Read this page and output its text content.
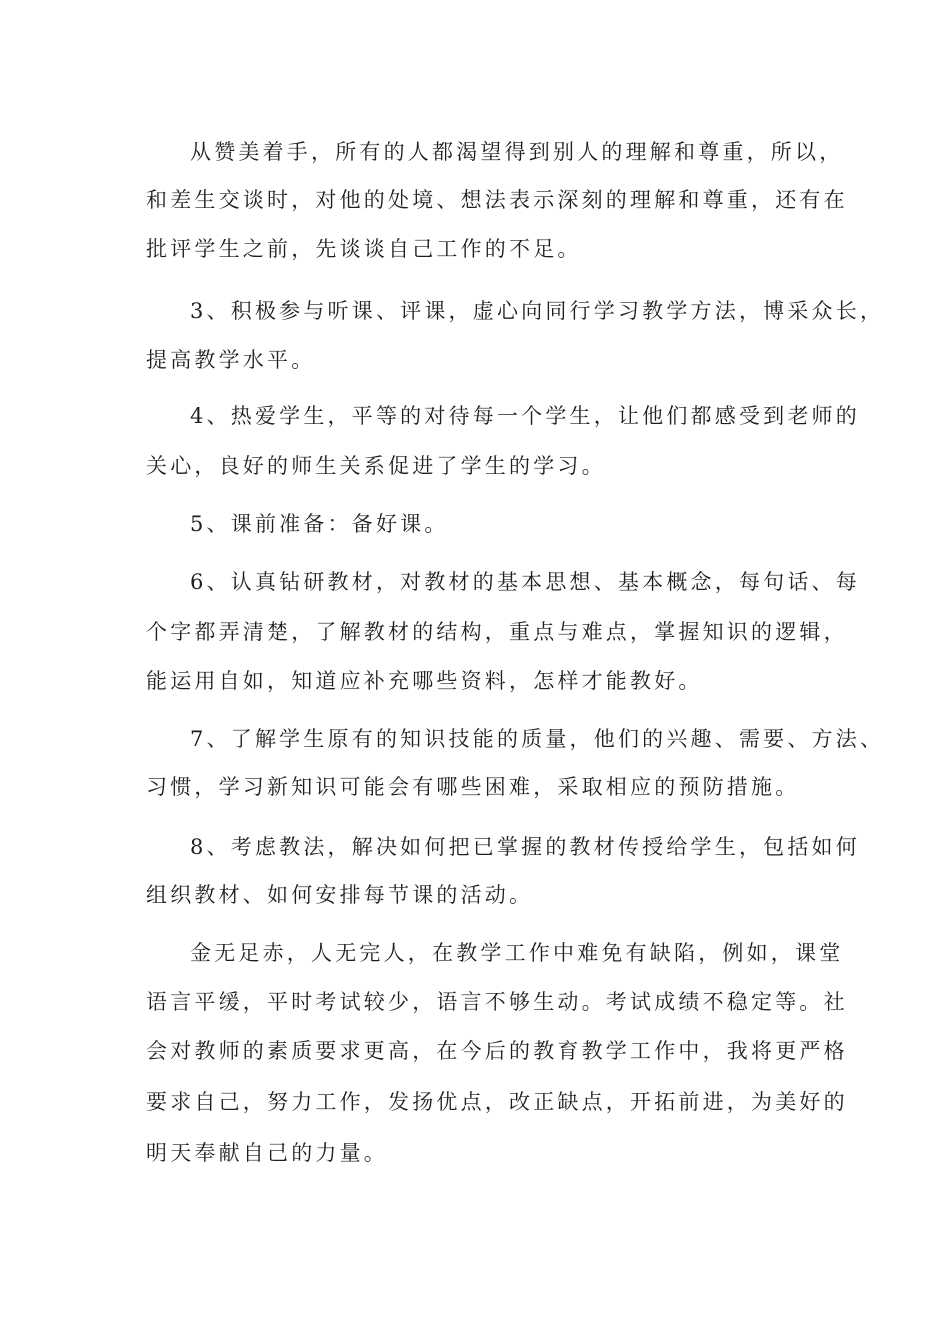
从赞美着手，所有的人都渴望得到别人的理解和尊重，所以，
和差生交谈时，对他的处境、想法表示深刻的理解和尊重，还有在
批评学生之前，先谈谈自己工作的不足。
3、积极参与听课、评课，虚心向同行学习教学方法，博采众长，
提高教学水平。
4、热爱学生，平等的对待每一个学生，让他们都感受到老师的
关心，良好的师生关系促进了学生的学习。
5、课前准备：备好课。
6、认真钻研教材，对教材的基本思想、基本概念，每句话、每
个字都弄清楚，了解教材的结构，重点与难点，掌握知识的逻辑，
能运用自如，知道应补充哪些资料，怎样才能教好。
7、了解学生原有的知识技能的质量，他们的兴趣、需要、方法、
习惯，学习新知识可能会有哪些困难，采取相应的预防措施。
8、考虑教法，解决如何把已掌握的教材传授给学生，包括如何
组织教材、如何安排每节课的活动。
金无足赤，人无完人，在教学工作中难免有缺陷，例如，课堂
语言平缓，平时考试较少，语言不够生动。考试成绩不稳定等。社
会对教师的素质要求更高，在今后的教育教学工作中，我将更严格
要求自己，努力工作，发扬优点，改正缺点，开拓前进，为美好的
明天奉献自己的力量。
